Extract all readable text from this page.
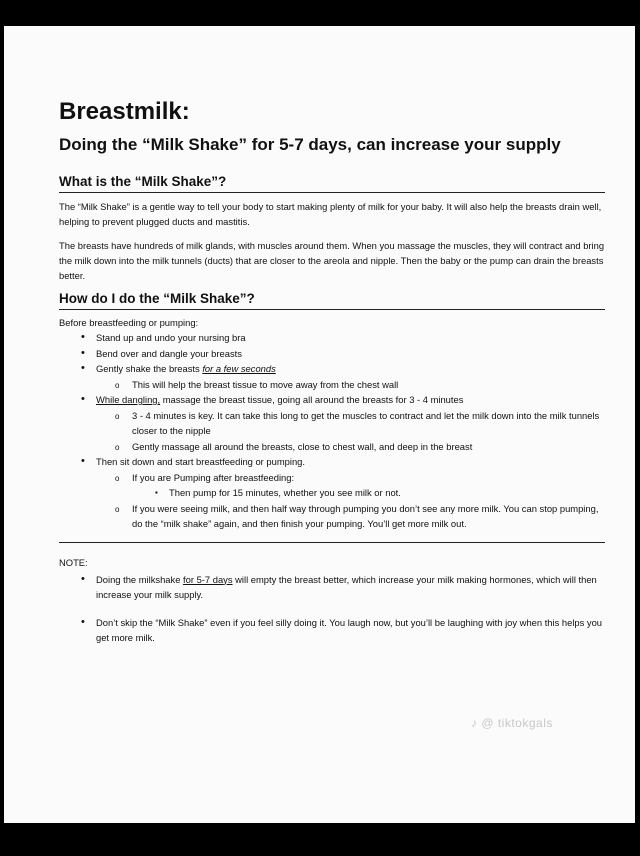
Breastmilk:
Doing the “Milk Shake” for 5-7 days, can increase your supply
What is the “Milk Shake”?

The “Milk Shake” is a gentle way to tell your body to start making plenty of milk for your baby. It will also help the breasts drain well, helping to prevent plugged ducts and mastitis.

The breasts have hundreds of milk glands, with muscles around them. When you massage the muscles, they will contract and bring the milk down into the milk tunnels (ducts) that are closer to the areola and nipple. Then the baby or the pump can drain the breasts better.

How do I do the “Milk Shake”?
Before breastfeeding or pumping:
• Stand up and undo your nursing bra
• Bend over and dangle your breasts
• Gently shake the breasts for a few seconds
o This will help the breast tissue to move away from the chest wall
• While dangling, massage the breast tissue, going all around the breasts for 3 - 4 minutes
o 3 - 4 minutes is key. It can take this long to get the muscles to contract and let the milk down into the milk tunnels closer to the nipple
o Gently massage all around the breasts, close to chest wall, and deep in the breast
• Then sit down and start breastfeeding or pumping.
o If you are Pumping after breastfeeding:
▪ Then pump for 15 minutes, whether you see milk or not.
o If you were seeing milk, and then half way through pumping you don’t see any more milk. You can stop pumping, do the “milk shake” again, and then finish your pumping. You’ll get more milk out.
NOTE:
• Doing the milkshake for 5-7 days will empty the breast better, which increase your milk making hormones, which will then increase your milk supply.
• Don’t skip the “Milk Shake” even if you feel silly doing it. You laugh now, but you’ll be laughing with joy when this helps you get more milk.
♪ @ tiktokgals
